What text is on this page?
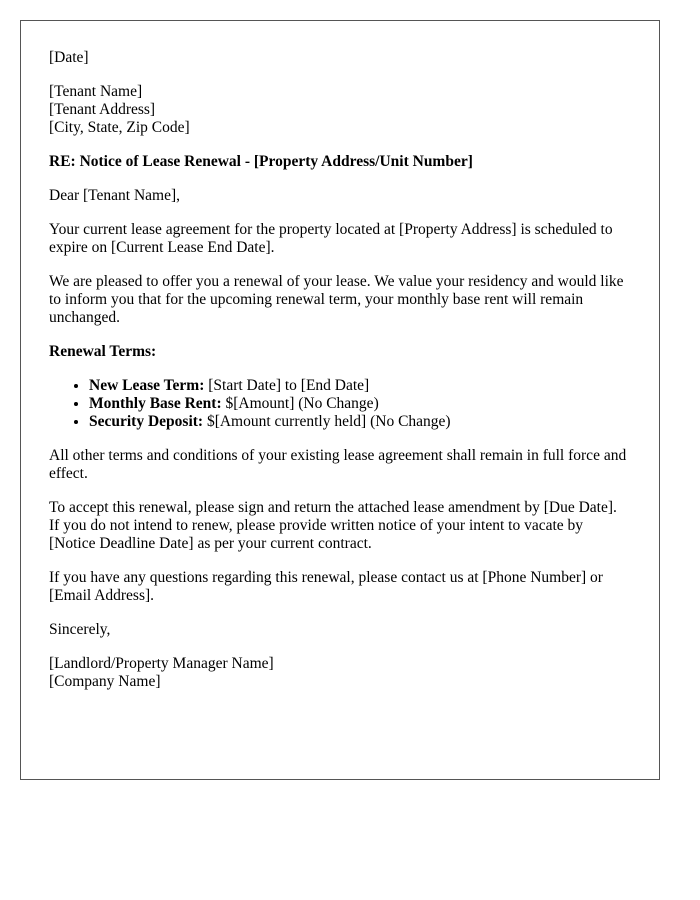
[Date]
[Tenant Name]
[Tenant Address]
[City, State, Zip Code]
RE: Notice of Lease Renewal - [Property Address/Unit Number]
Dear [Tenant Name],
Your current lease agreement for the property located at [Property Address] is scheduled to expire on [Current Lease End Date].
We are pleased to offer you a renewal of your lease. We value your residency and would like to inform you that for the upcoming renewal term, your monthly base rent will remain unchanged.
Renewal Terms:
• New Lease Term: [Start Date] to [End Date]
• Monthly Base Rent: $[Amount] (No Change)
• Security Deposit: $[Amount currently held] (No Change)
All other terms and conditions of your existing lease agreement shall remain in full force and effect.
To accept this renewal, please sign and return the attached lease amendment by [Due Date]. If you do not intend to renew, please provide written notice of your intent to vacate by [Notice Deadline Date] as per your current contract.
If you have any questions regarding this renewal, please contact us at [Phone Number] or [Email Address].
Sincerely,
[Landlord/Property Manager Name]
[Company Name]
